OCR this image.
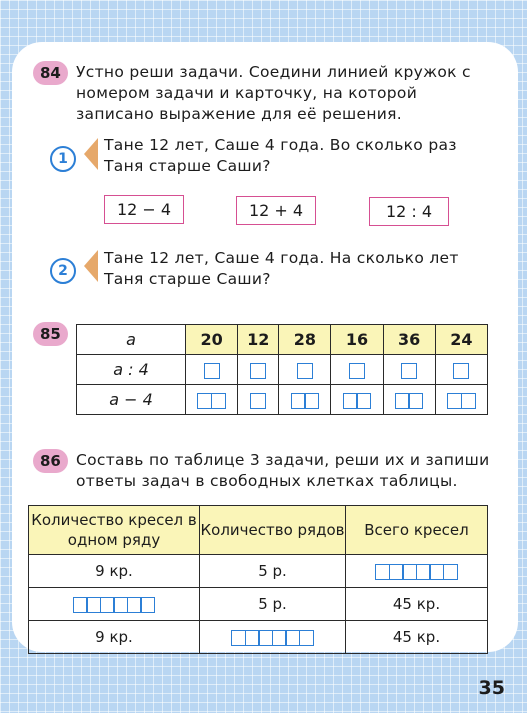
84 Устно реши задачи. Соедини линией кружок с номером задачи и карточку, на которой записано выражение для её решения.
1
Тане 12 лет, Саше 4 года. Во сколько раз Таня старше Саши?
12 − 4	12 + 4	12 : 4
2
Тане 12 лет, Саше 4 года. На сколько лет Таня старше Саши?
85	a	20	12	28	16	36	24
a : 4						
a − 4	

86 Составь по таблице 3 задачи, реши их и запиши ответы задач в свободных клетках таблицы.
Количество кресел в одном ряду	Количество рядов	Всего кресел
9 кр.	5 р.	

	5 р.	45 кр.
9 кр.		45 кр.
35
